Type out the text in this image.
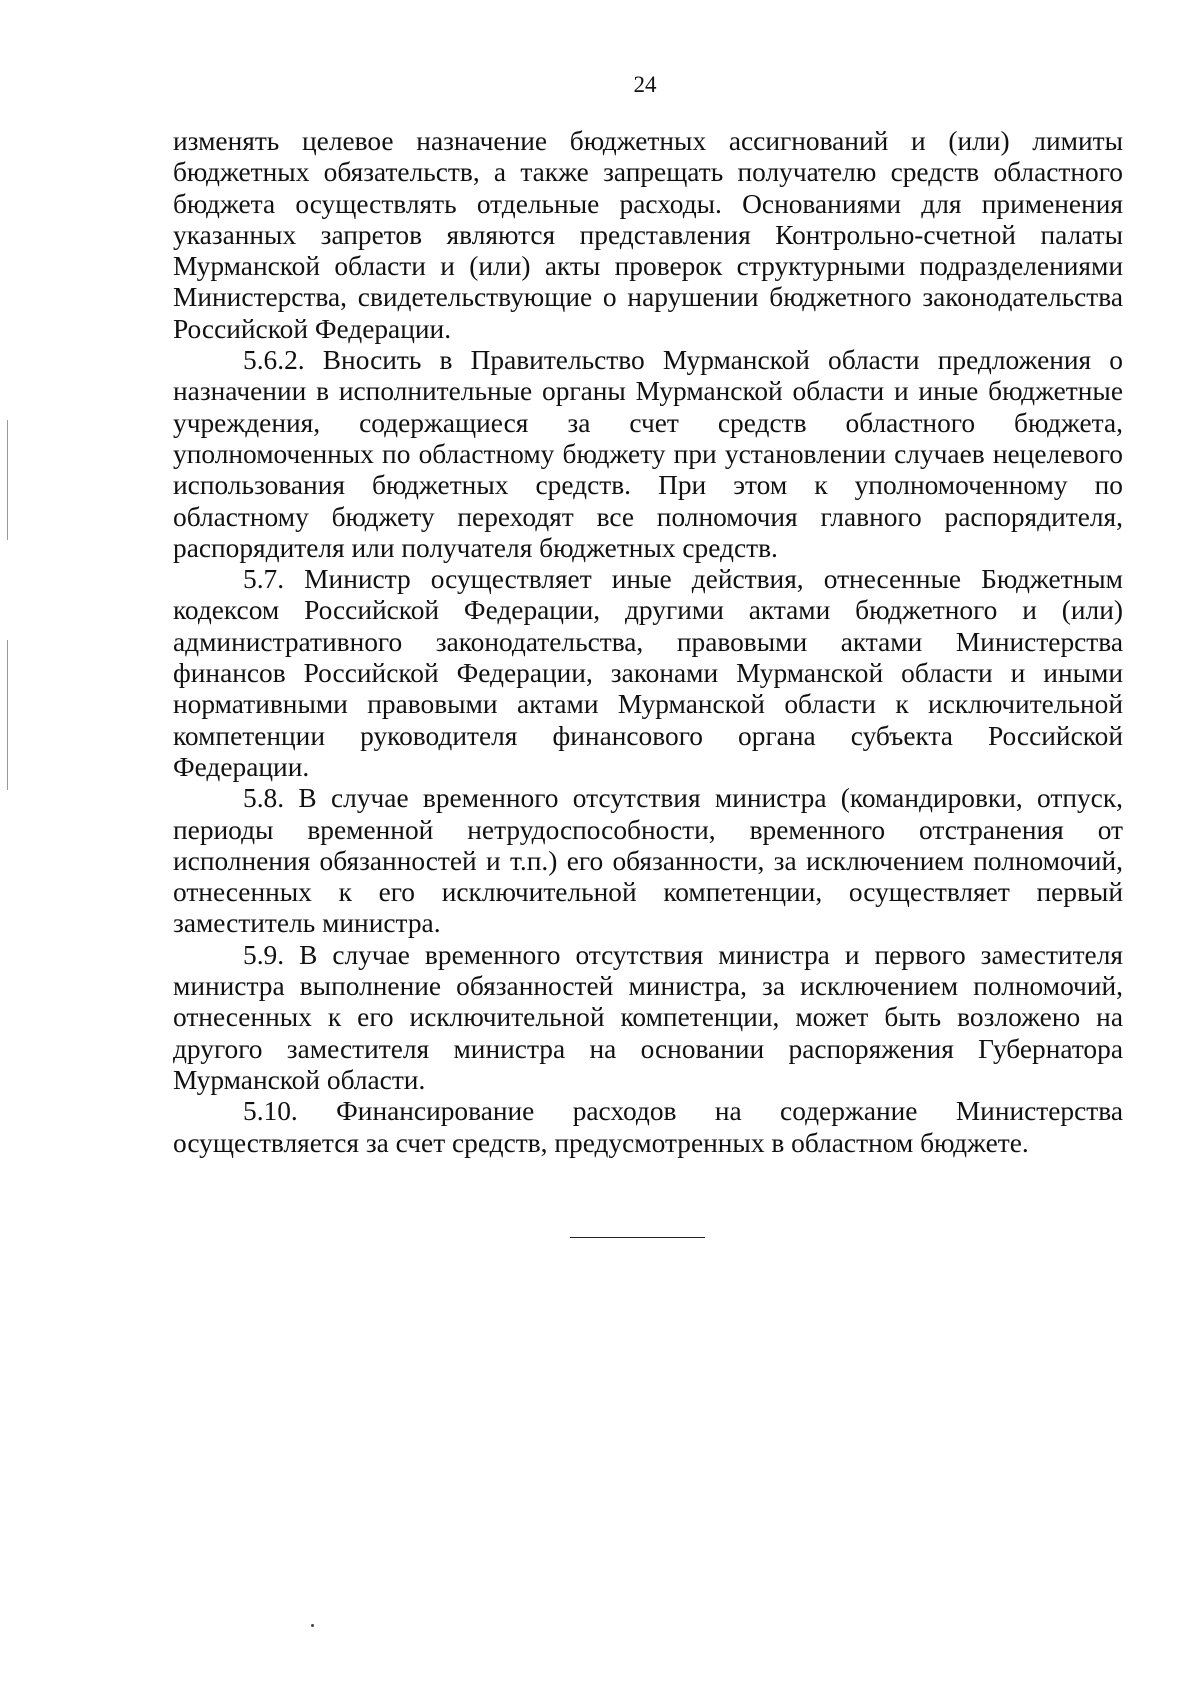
24

изменять целевое назначение бюджетных ассигнований и (или) лимиты бюджетных обязательств, а также запрещать получателю средств областного бюджета осуществлять отдельные расходы. Основаниями для применения указанных запретов являются представления Контрольно-счетной палаты Мурманской области и (или) акты проверок структурными подразделениями Министерства, свидетельствующие о нарушении бюджетного законодательства Российской Федерации.

5.6.2. Вносить в Правительство Мурманской области предложения о назначении в исполнительные органы Мурманской области и иные бюджетные учреждения, содержащиеся за счет средств областного бюджета, уполномоченных по областному бюджету при установлении случаев нецелевого использования бюджетных средств. При этом к уполномоченному по областному бюджету переходят все полномочия главного распорядителя, распорядителя или получателя бюджетных средств.

5.7. Министр осуществляет иные действия, отнесенные Бюджетным кодексом Российской Федерации, другими актами бюджетного и (или) административного законодательства, правовыми актами Министерства финансов Российской Федерации, законами Мурманской области и иными нормативными правовыми актами Мурманской области к исключительной компетенции руководителя финансового органа субъекта Российской Федерации.

5.8. В случае временного отсутствия министра (командировки, отпуск, периоды временной нетрудоспособности, временного отстранения от исполнения обязанностей и т.п.) его обязанности, за исключением полномочий, отнесенных к его исключительной компетенции, осуществляет первый заместитель министра.

5.9. В случае временного отсутствия министра и первого заместителя министра выполнение обязанностей министра, за исключением полномочий, отнесенных к его исключительной компетенции, может быть возложено на другого заместителя министра на основании распоряжения Губернатора Мурманской области.

5.10. Финансирование расходов на содержание Министерства осуществляется за счет средств, предусмотренных в областном бюджете.
